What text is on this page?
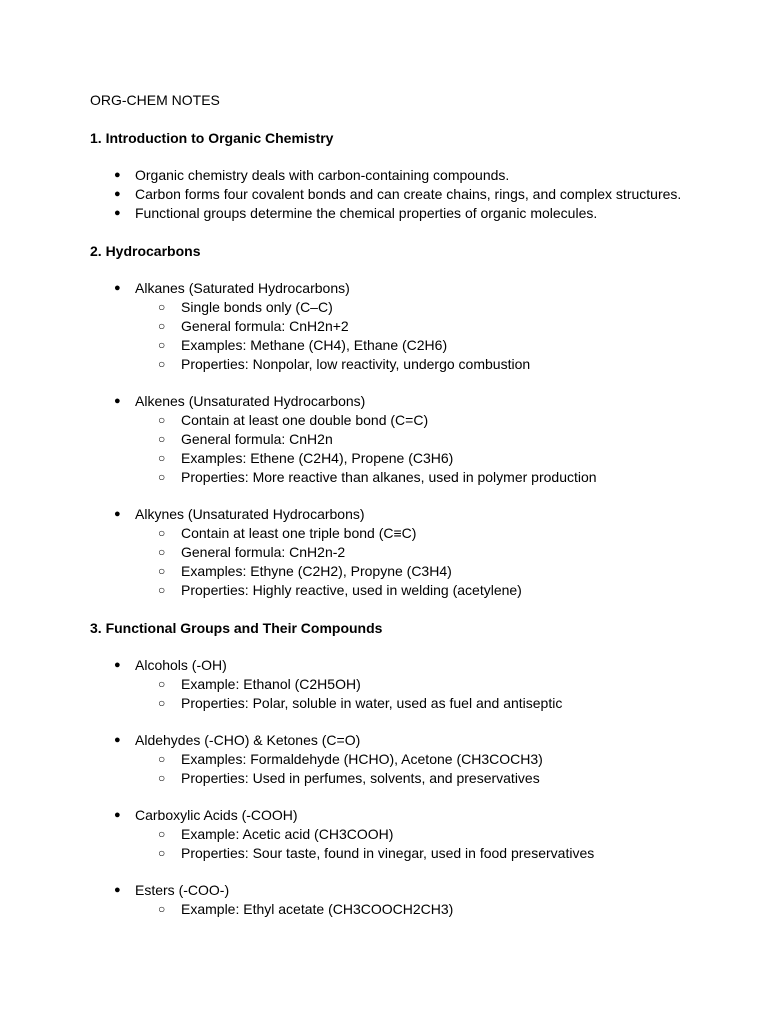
ORG-CHEM NOTES
1. Introduction to Organic Chemistry
● Organic chemistry deals with carbon-containing compounds.
● Carbon forms four covalent bonds and can create chains, rings, and complex structures.
● Functional groups determine the chemical properties of organic molecules.
2. Hydrocarbons
● Alkanes (Saturated Hydrocarbons)
○ Single bonds only (C–C)
○ General formula: CnH2n+2
○ Examples: Methane (CH4), Ethane (C2H6)
○ Properties: Nonpolar, low reactivity, undergo combustion
● Alkenes (Unsaturated Hydrocarbons)
○ Contain at least one double bond (C=C)
○ General formula: CnH2n
○ Examples: Ethene (C2H4), Propene (C3H6)
○ Properties: More reactive than alkanes, used in polymer production
● Alkynes (Unsaturated Hydrocarbons)
○ Contain at least one triple bond (C≡C)
○ General formula: CnH2n-2
○ Examples: Ethyne (C2H2), Propyne (C3H4)
○ Properties: Highly reactive, used in welding (acetylene)
3. Functional Groups and Their Compounds
● Alcohols (-OH)
○ Example: Ethanol (C2H5OH)
○ Properties: Polar, soluble in water, used as fuel and antiseptic
● Aldehydes (-CHO) & Ketones (C=O)
○ Examples: Formaldehyde (HCHO), Acetone (CH3COCH3)
○ Properties: Used in perfumes, solvents, and preservatives
● Carboxylic Acids (-COOH)
○ Example: Acetic acid (CH3COOH)
○ Properties: Sour taste, found in vinegar, used in food preservatives
● Esters (-COO-)
○ Example: Ethyl acetate (CH3COOCH2CH3)
